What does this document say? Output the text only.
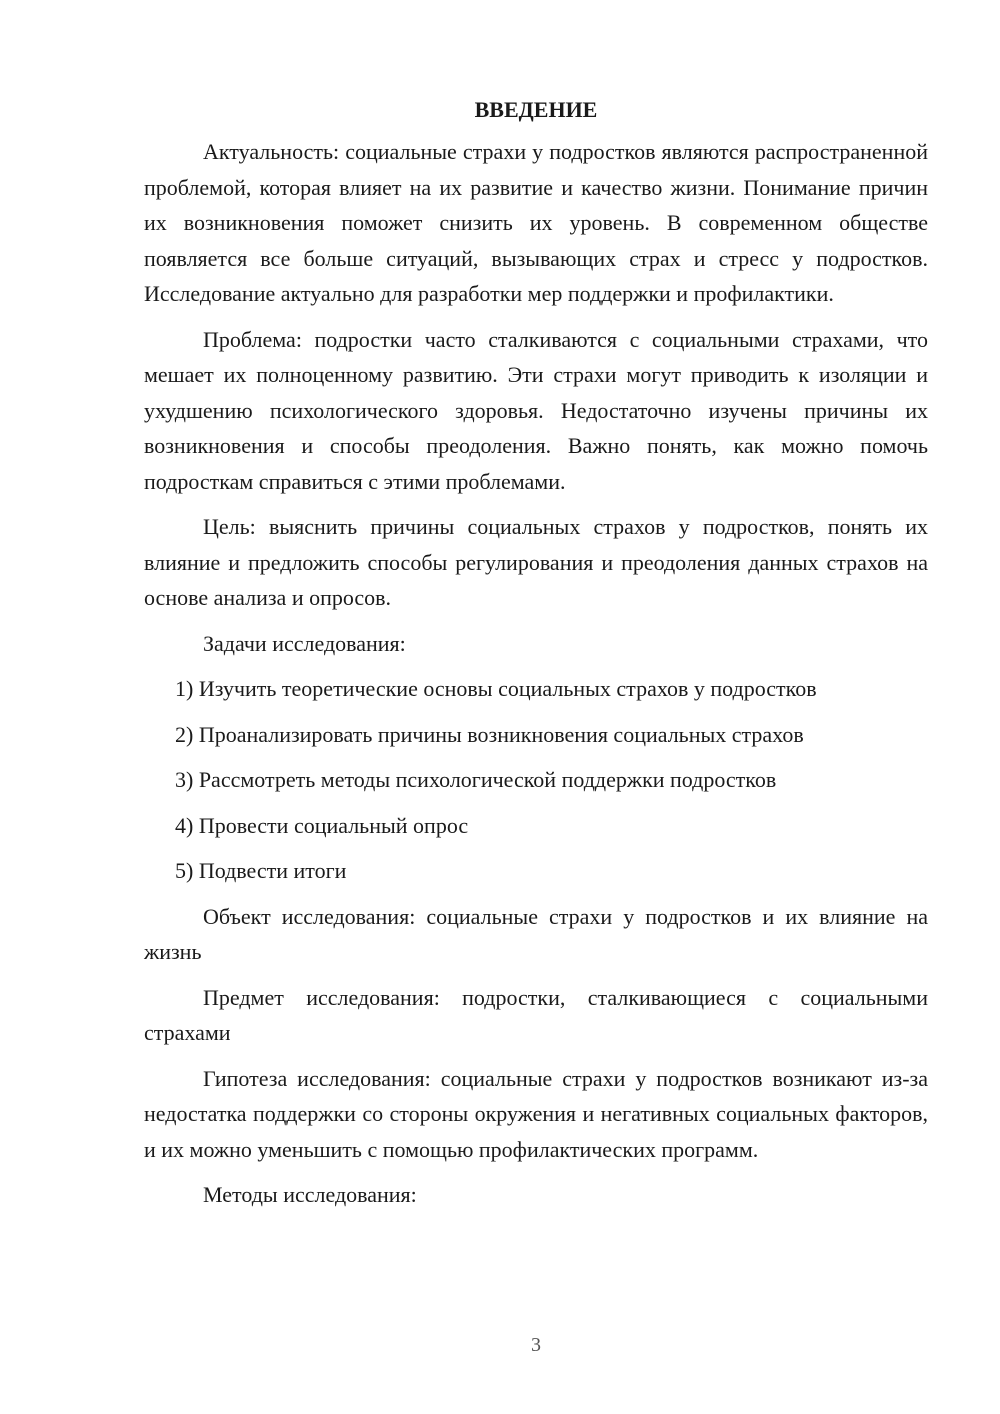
ВВЕДЕНИЕ

Актуальность: социальные страхи у подростков являются распространенной проблемой, которая влияет на их развитие и качество жизни. Понимание причин их возникновения поможет снизить их уровень. В современном обществе появляется все больше ситуаций, вызывающих страх и стресс у подростков. Исследование актуально для разработки мер поддержки и профилактики.

Проблема: подростки часто сталкиваются с социальными страхами, что мешает их полноценному развитию. Эти страхи могут приводить к изоляции и ухудшению психологического здоровья. Недостаточно изучены причины их возникновения и способы преодоления. Важно понять, как можно помочь подросткам справиться с этими проблемами.

Цель: выяснить причины социальных страхов у подростков, понять их влияние и предложить способы регулирования и преодоления данных страхов на основе анализа и опросов.

Задачи исследования:

1) Изучить теоретические основы социальных страхов у подростков
2) Проанализировать причины возникновения социальных страхов
3) Рассмотреть методы психологической поддержки подростков
4) Провести социальный опрос
5) Подвести итоги

Объект исследования: социальные страхи у подростков и их влияние на жизнь

Предмет исследования: подростки, сталкивающиеся с социальными страхами

Гипотеза исследования: социальные страхи у подростков возникают из-за недостатка поддержки со стороны окружения и негативных социальных факторов, и их можно уменьшить с помощью профилактических программ.

Методы исследования:

3
